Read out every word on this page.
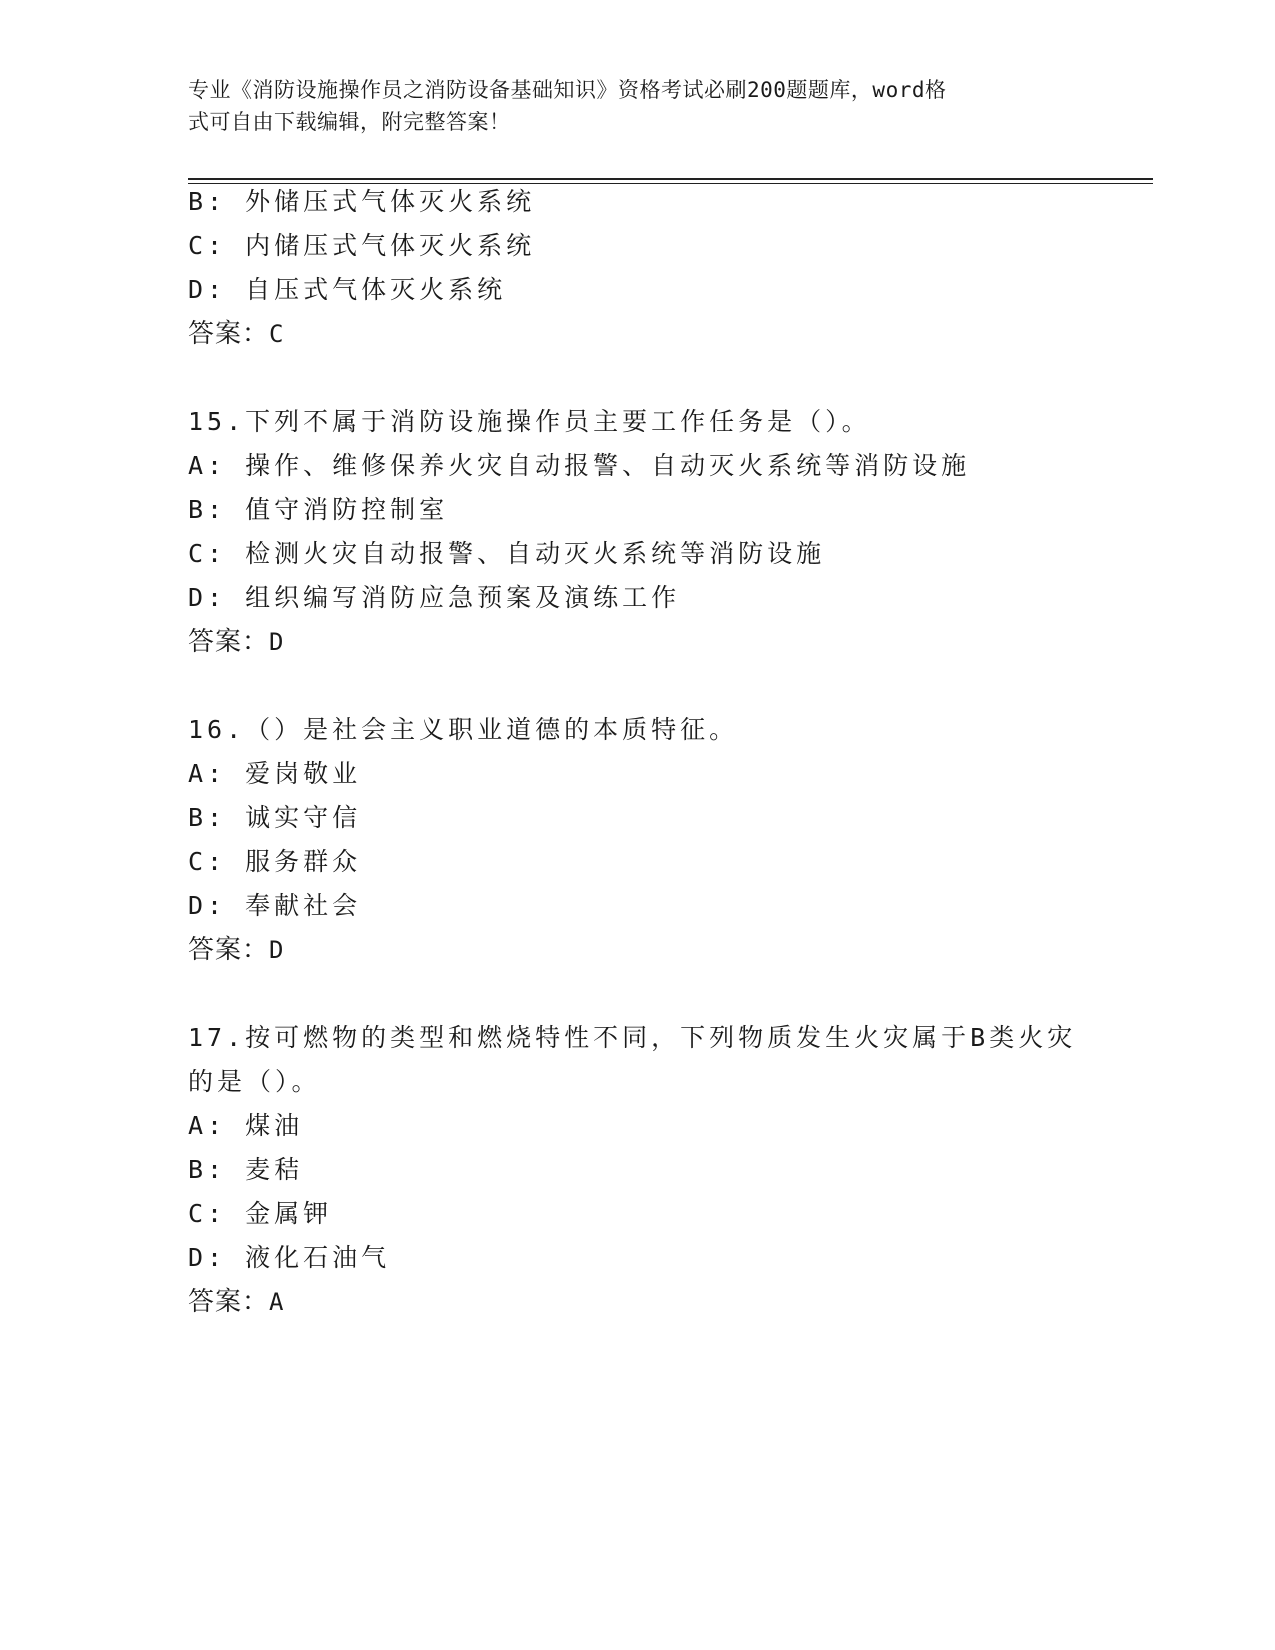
专业《消防设施操作员之消防设备基础知识》资格考试必刷200题题库，word格
式可自由下载编辑，附完整答案！
B: 外储压式气体灭火系统
C: 内储压式气体灭火系统
D: 自压式气体灭火系统
答案：C
15.下列不属于消防设施操作员主要工作任务是（）。
A: 操作、维修保养火灾自动报警、自动灭火系统等消防设施
B: 值守消防控制室
C: 检测火灾自动报警、自动灭火系统等消防设施
D: 组织编写消防应急预案及演练工作
答案：D
16.（）是社会主义职业道德的本质特征。
A: 爱岗敬业
B: 诚实守信
C: 服务群众
D: 奉献社会
答案：D
17.按可燃物的类型和燃烧特性不同，下列物质发生火灾属于B类火灾
的是（）。
A: 煤油
B: 麦秸
C: 金属钾
D: 液化石油气
答案：A
